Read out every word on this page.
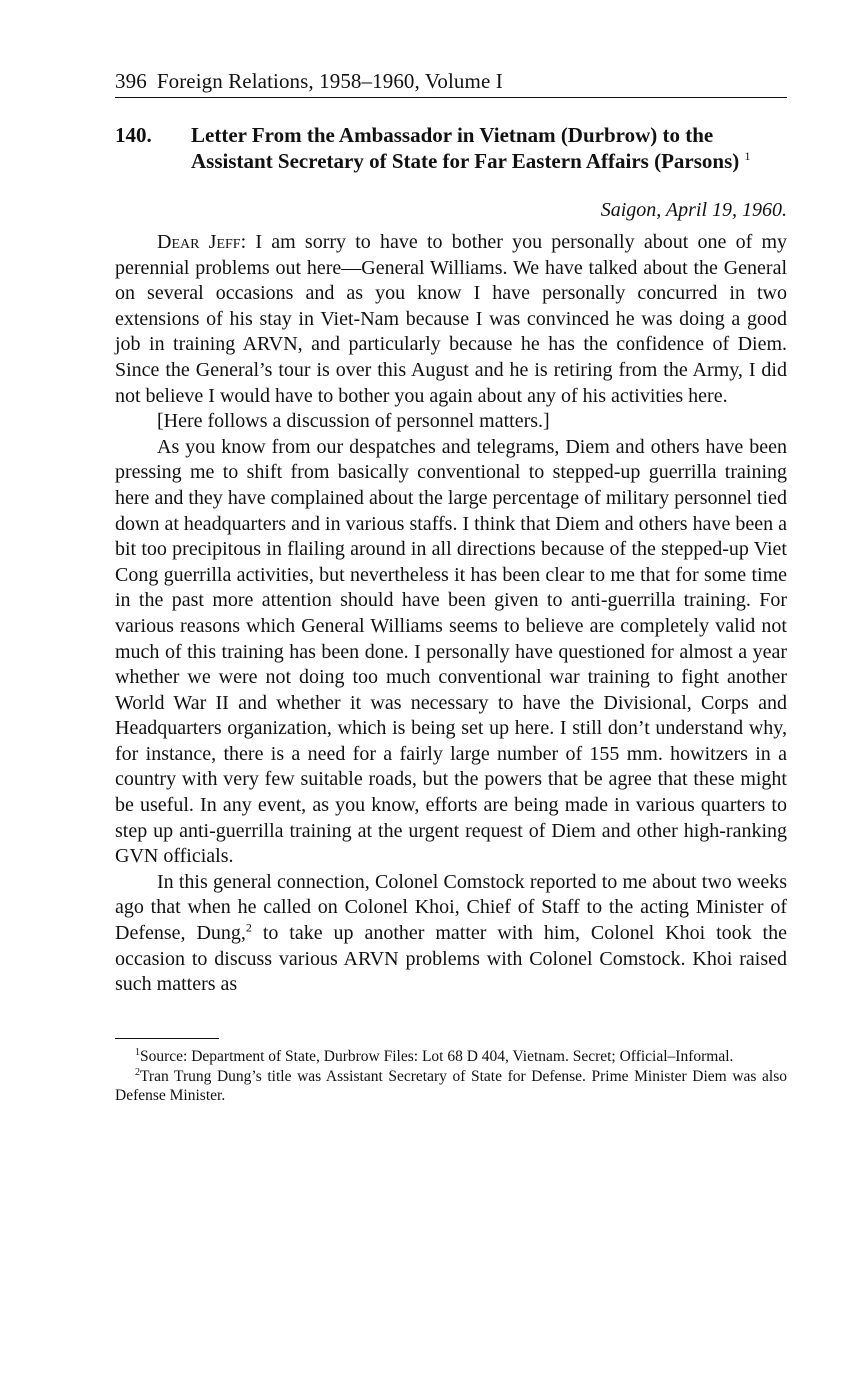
396 Foreign Relations, 1958–1960, Volume I
140.	Letter From the Ambassador in Vietnam (Durbrow) to the Assistant Secretary of State for Far Eastern Affairs (Parsons) $^1$
Saigon, April 19, 1960.

Dear Jeff: I am sorry to have to bother you personally about one of my perennial problems out here—General Williams. We have talked about the General on several occasions and as you know I have personally concurred in two extensions of his stay in Viet-Nam because I was convinced he was doing a good job in training ARVN, and particularly because he has the confidence of Diem. Since the General’s tour is over this August and he is retiring from the Army, I did not believe I would have to bother you again about any of his activities here.

[Here follows a discussion of personnel matters.]

As you know from our despatches and telegrams, Diem and others have been pressing me to shift from basically conventional to stepped-up guerrilla training here and they have complained about the large percentage of military personnel tied down at headquarters and in various staffs. I think that Diem and others have been a bit too precipitous in flailing around in all directions because of the stepped-up Viet Cong guerrilla activities, but nevertheless it has been clear to me that for some time in the past more attention should have been given to anti-guerrilla training. For various reasons which General Williams seems to believe are completely valid not much of this training has been done. I personally have questioned for almost a year whether we were not doing too much conventional war training to fight another World War II and whether it was necessary to have the Divisional, Corps and Headquarters organization, which is being set up here. I still don’t understand why, for instance, there is a need for a fairly large number of 155 mm. howitzers in a country with very few suitable roads, but the powers that be agree that these might be useful. In any event, as you know, efforts are being made in various quarters to step up anti-guerrilla training at the urgent request of Diem and other high-ranking GVN officials.

In this general connection, Colonel Comstock reported to me about two weeks ago that when he called on Colonel Khoi, Chief of Staff to the acting Minister of Defense, Dung,$^2$ to take up another matter with him, Colonel Khoi took the occasion to discuss various ARVN problems with Colonel Comstock. Khoi raised such matters as

$^1$Source: Department of State, Durbrow Files: Lot 68 D 404, Vietnam. Secret; Official–Informal.

$^2$Tran Trung Dung’s title was Assistant Secretary of State for Defense. Prime Minister Diem was also Defense Minister.
